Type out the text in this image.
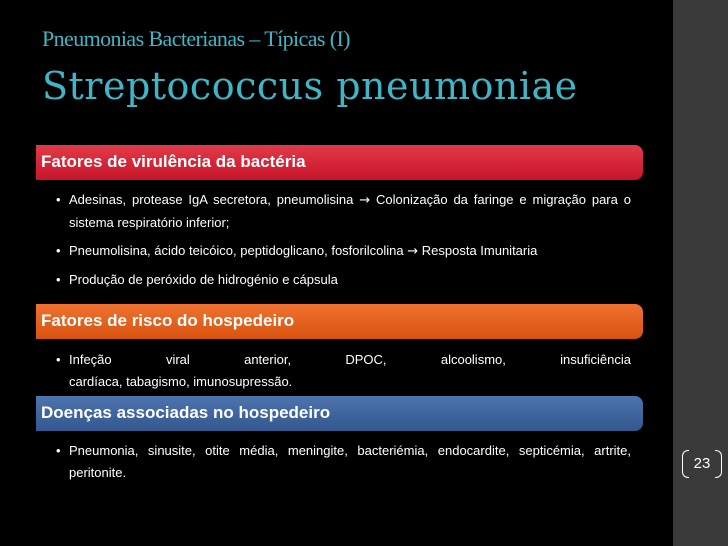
Pneumonias Bacterianas – Típicas (I)
Streptococcus pneumoniae
Fatores de virulência da bactéria
• Adesinas, protease IgA secretora, pneumolisina → Colonização da faringe e migração para o sistema respiratório inferior;
• Pneumolisina, ácido teicóico, peptidoglicano, fosforilcolina → Resposta Imunitaria
• Produção de peróxido de hidrogénio e cápsula
Fatores de risco do hospedeiro
• Infeção	viral	anterior,	DPOC,	alcoolismo,	insuficiência
cardíaca, tabagismo, imunosupressão.
Doenças associadas no hospedeiro
• Pneumonia, sinusite, otite média, meningite, bacteriémia, endocardite, septicémia, artrite, peritonite.
23
